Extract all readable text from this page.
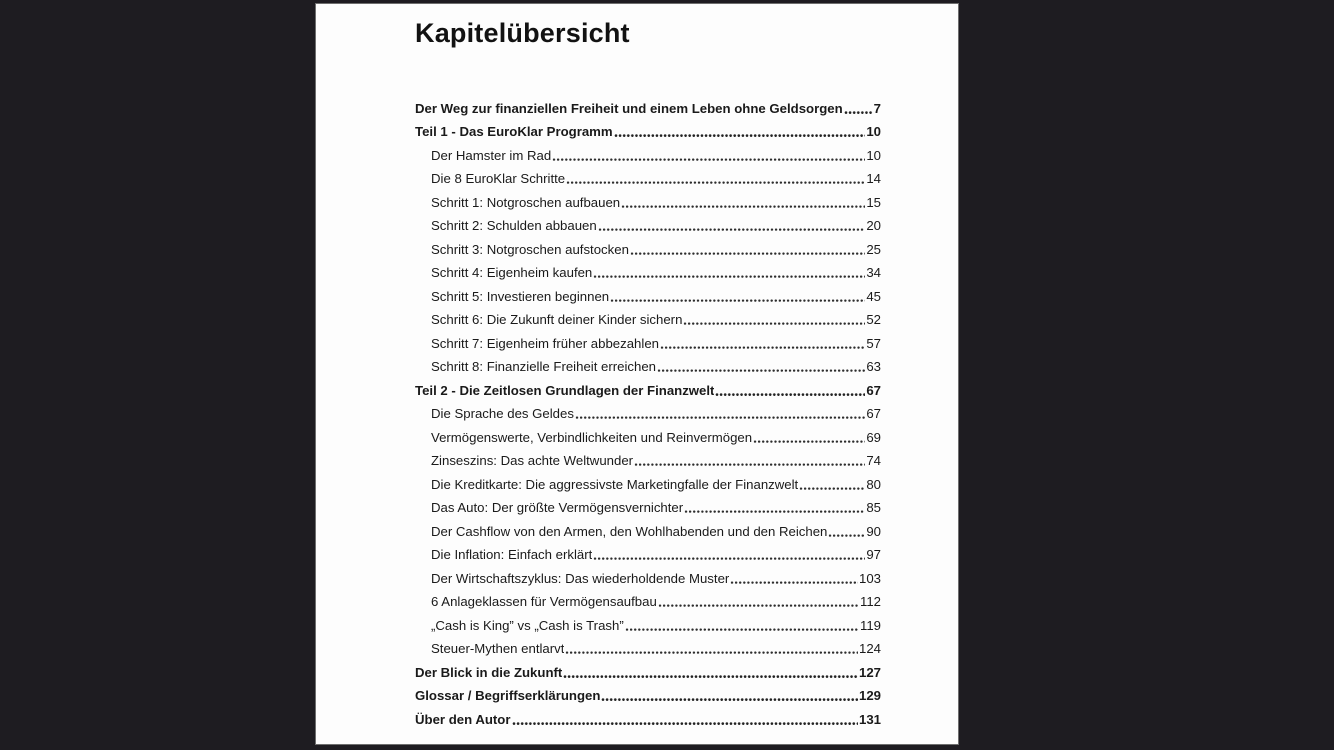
Kapitelübersicht
Der Weg zur finanziellen Freiheit und einem Leben ohne Geldsorgen 7
Teil 1 - Das EuroKlar Programm	10
Der Hamster im Rad	10
Die 8 EuroKlar Schritte	14
Schritt 1: Notgroschen aufbauen	15
Schritt 2: Schulden abbauen	20
Schritt 3: Notgroschen aufstocken	25
Schritt 4: Eigenheim kaufen	34
Schritt 5: Investieren beginnen	45
Schritt 6: Die Zukunft deiner Kinder sichern	52
Schritt 7: Eigenheim früher abbezahlen	57
Schritt 8: Finanzielle Freiheit erreichen	63
Teil 2 - Die Zeitlosen Grundlagen der Finanzwelt	67
Die Sprache des Geldes	67
Vermögenswerte, Verbindlichkeiten und Reinvermögen	69
Zinseszins: Das achte Weltwunder	74
Die Kreditkarte: Die aggressivste Marketingfalle der Finanzwelt	80
Das Auto: Der größte Vermögensvernichter	85
Der Cashflow von den Armen, den Wohlhabenden und den Reichen	90
Die Inflation: Einfach erklärt	97
Der Wirtschaftszyklus: Das wiederholdende Muster	103
6 Anlageklassen für Vermögensaufbau	112
„Cash is King” vs „Cash is Trash”	119
Steuer-Mythen entlarvt	124
Der Blick in die Zukunft	127
Glossar / Begriffserklärungen	129
Über den Autor	131
